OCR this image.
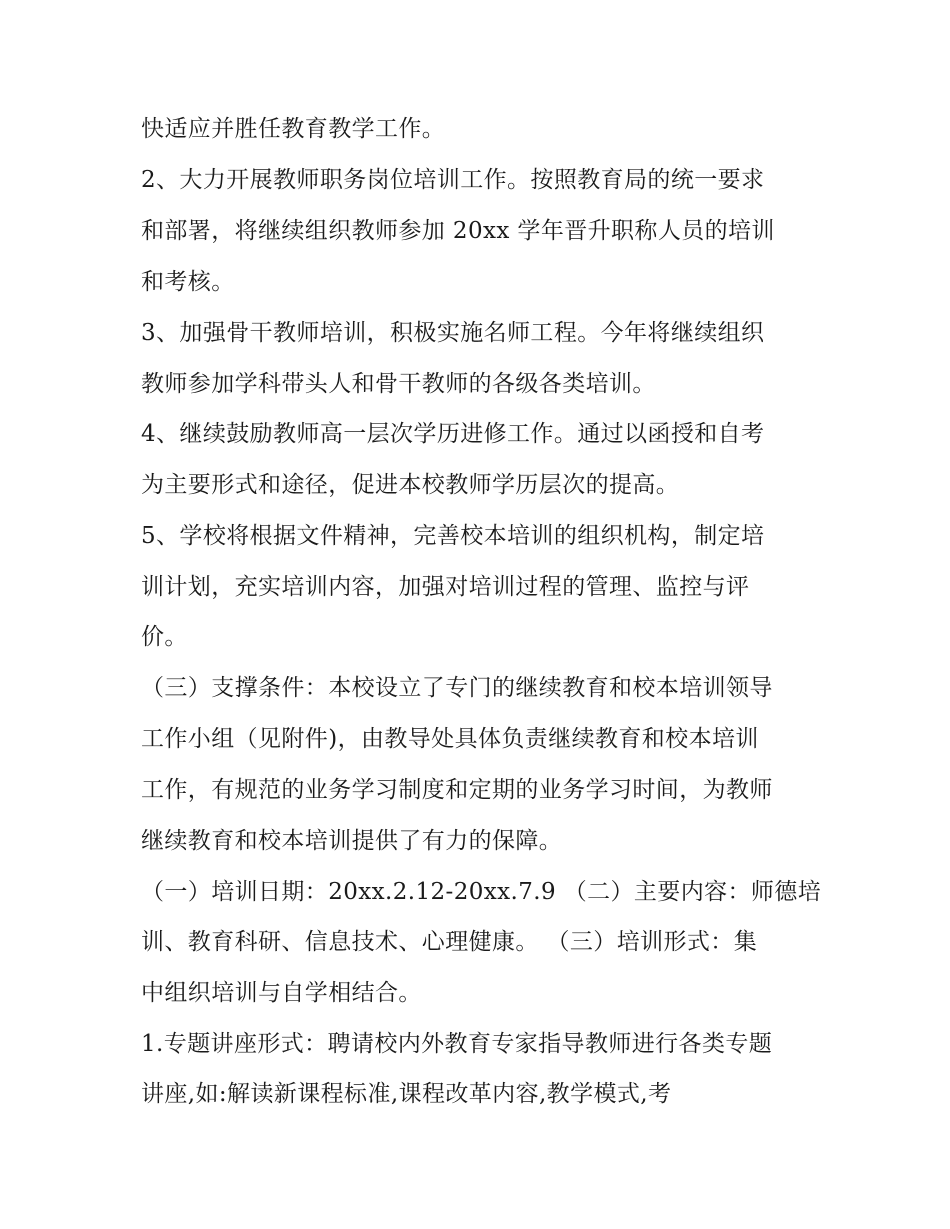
快适应并胜任教育教学工作。

2、大力开展教师职务岗位培训工作。按照教育局的统一要求

和部署，将继续组织教师参加 20xx 学年晋升职称人员的培训

和考核。

3、加强骨干教师培训，积极实施名师工程。今年将继续组织

教师参加学科带头人和骨干教师的各级各类培训。

4、继续鼓励教师高一层次学历进修工作。通过以函授和自考

为主要形式和途径，促进本校教师学历层次的提高。

5、学校将根据文件精神，完善校本培训的组织机构，制定培

训计划，充实培训内容，加强对培训过程的管理、监控与评

价。

（三）支撑条件：本校设立了专门的继续教育和校本培训领导

工作小组（见附件)，由教导处具体负责继续教育和校本培训

工作，有规范的业务学习制度和定期的业务学习时间，为教师

继续教育和校本培训提供了有力的保障。

（一）培训日期：20xx.2.12-20xx.7.9 （二）主要内容：师德培

训、教育科研、信息技术、心理健康。 （三）培训形式：集

中组织培训与自学相结合。

1.专题讲座形式：聘请校内外教育专家指导教师进行各类专题

讲座,如:解读新课程标准,课程改革内容,教学模式,考
